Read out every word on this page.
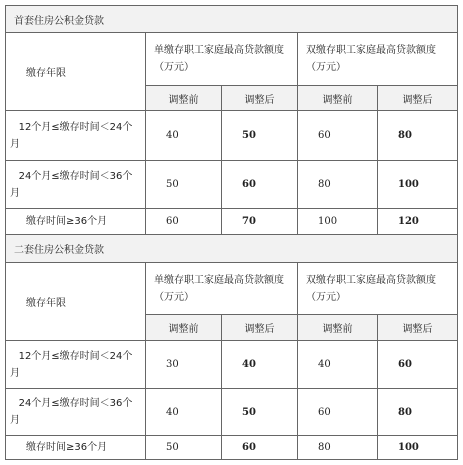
首套住房公积金贷款				
缴存年限	单缴存职工家庭最高贷款额度（万元）		双缴存职工家庭最高贷款额度（万元）	
	调整前	调整后	调整前	调整后
12个月≤缴存时间＜24个
月	40	50	60	80
24个月≤缴存时间＜36个
月	50	60	80	100
缴存时间≥36个月	60	70	100	120
二套住房公积金贷款				
缴存年限	单缴存职工家庭最高贷款额度（万元）		双缴存职工家庭最高贷款额度（万元）	
	调整前	调整后	调整前	调整后
12个月≤缴存时间＜24个
月	30	40	40	60
24个月≤缴存时间＜36个
月	40	50	60	80
缴存时间≥36个月	50	60	80	100
